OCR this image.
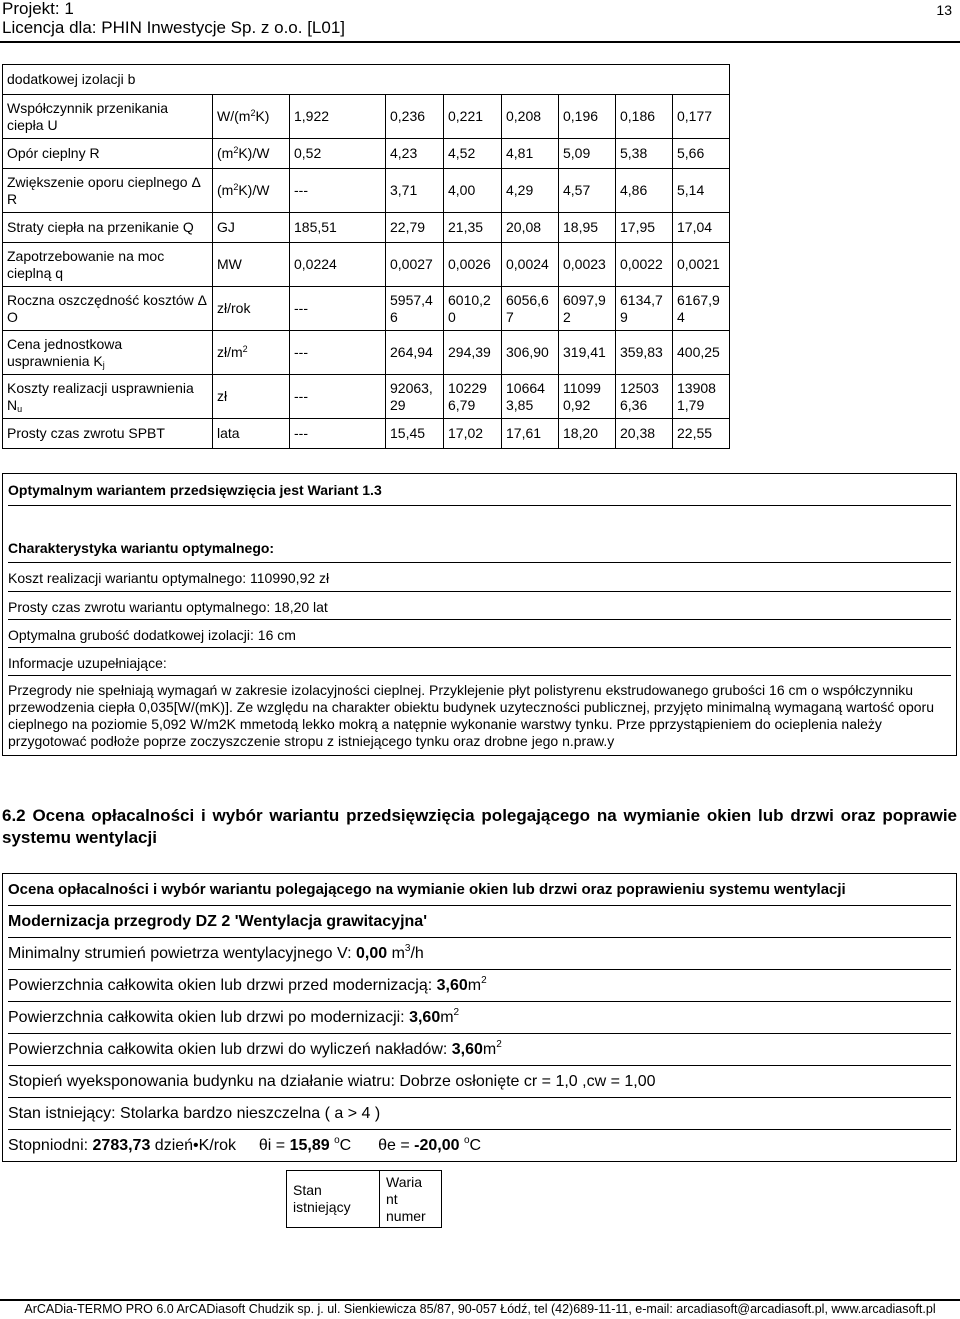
Projekt: 1
Licencja dla: PHIN Inwestycje Sp. z o.o. [L01]
13
dodatkowej izolacji b								
Współczynnik przenikania ciepła U	$W/(m^2K)$	1,922	0,236	0,221	0,208	0,196	0,186	0,177
Opór cieplny R	$(m^2K)/W$	0,52	4,23	4,52	4,81	5,09	5,38	5,66
Zwiększenie oporu cieplnego Δ R	$(m^2K)/W$	---	3,71	4,00	4,29	4,57	4,86	5,14
Straty ciepła na przenikanie Q	GJ	185,51	22,79	21,35	20,08	18,95	17,95	17,04
Zapotrzebowanie na moc cieplną q	MW	0,0224	0,0027	0,0026	0,0024	0,0023	0,0022	0,0021
Roczna oszczędność kosztów Δ O	zł/rok	---	5957,4 6	6010,2 0	6056,6 7	6097,9 2	6134,7 9	6167,9 4
Cena jednostkowa usprawnienia $K_j$	$zł/m^2$	---	264,94	294,39	306,90	319,41	359,83	400,25
Koszty realizacji usprawnienia $N_u$	zł	---	92063, 29	10229 6,79	10664 3,85	11099 0,92	12503 6,36	13908 1,79
Prosty czas zwrotu SPBT	lata	---	15,45	17,02	17,61	18,20	20,38	22,55
Optymalnym wariantem przedsięwzięcia jest Wariant 1.3
Charakterystyka wariantu optymalnego:
Koszt realizacji wariantu optymalnego: 110990,92 zł
Prosty czas zwrotu wariantu optymalnego: 18,20 lat
Optymalna grubość dodatkowej izolacji: 16 cm
Informacje uzupełniające:
Przegrody nie spełniają wymagań w zakresie izolacyjności cieplnej. Przyklejenie płyt polistyrenu ekstrudowanego grubości 16 cm o współczynniku przewodzenia ciepła 0,035[W/(mK)]. Ze względu na charakter obiektu budynek uzyteczności publicznej, przyjęto minimalną wymaganą wartość oporu cieplnego na poziomie 5,092 W/m2K mmetodą lekko mokrą a natępnie wykonanie warstwy tynku. Prze pprzystąpieniem do ocieplenia należy przygotować podłoże poprze zoczyszczenie stropu z istniejącego tynku oraz drobne jego n.praw.y
6.2 Ocena opłacalności i wybór wariantu przedsięwzięcia polegającego na wymianie okien lub drzwi oraz poprawie systemu wentylacji
Ocena opłacalności i wybór wariantu polegającego na wymianie okien lub drzwi oraz poprawieniu systemu wentylacji
Modernizacja przegrody DZ 2 'Wentylacja grawitacyjna'
Minimalny strumień powietrza wentylacyjnego V: 0,00 $m^3/h$
Powierzchnia całkowita okien lub drzwi przed modernizacją: $3,60m^2$
Powierzchnia całkowita okien lub drzwi po modernizacji: $3,60m^2$
Powierzchnia całkowita okien lub drzwi do wyliczeń nakładów: $3,60m^2$
Stopień wyeksponowania budynku na działanie wiatru: Dobrze osłonięte cr = 1,0 ,cw = 1,00
Stan istniejący: Stolarka bardzo nieszczelna ( a > 4 )
Stopniodni: 2783,73 dzień•K/rok θi = 15,89 $^o$C θe = -20,00 $^o$C
Stan istniejący	Waria nt numer
ArCADia-TERMO PRO 6.0 ArCADiasoft Chudzik sp. j. ul. Sienkiewicza 85/87, 90-057 Łódź, tel (42)689-11-11, e-mail: arcadiasoft@arcadiasoft.pl, www.arcadiasoft.pl
